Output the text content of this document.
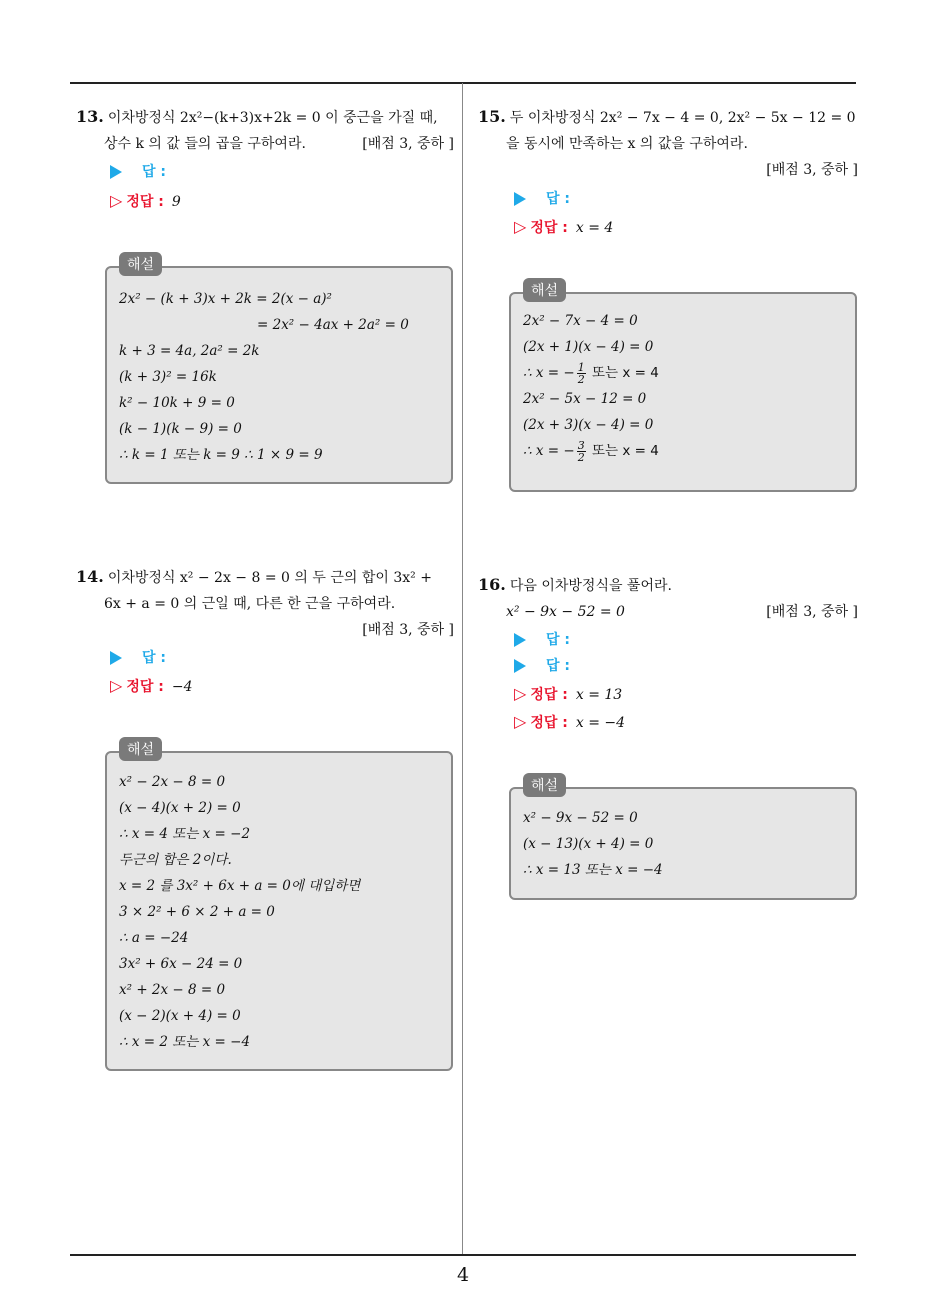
13. 이차방정식 2x²−(k+3)x+2k = 0 이 중근을 가질 때,
상수 k 의 값 들의 곱을 구하여라.	[배점 3, 중하 ]
답 :
▷ 정답 : 9
해설
2x² − (k + 3)x + 2k = 2(x − a)²
= 2x² − 4ax + 2a² = 0
k + 3 = 4a, 2a² = 2k
(k + 3)² = 16k
k² − 10k + 9 = 0
(k − 1)(k − 9) = 0
∴ k = 1 또는 k = 9 ∴ 1 × 9 = 9
14. 이차방정식 x² − 2x − 8 = 0 의 두 근의 합이 3x² +
6x + a = 0 의 근일 때, 다른 한 근을 구하여라.
[배점 3, 중하 ]
답 :
▷ 정답 : −4
해설
x² − 2x − 8 = 0
(x − 4)(x + 2) = 0
∴ x = 4 또는 x = −2
두근의 합은 2이다.
x = 2 를 3x² + 6x + a = 0에 대입하면
3 × 2² + 6 × 2 + a = 0
∴ a = −24
3x² + 6x − 24 = 0
x² + 2x − 8 = 0
(x − 2)(x + 4) = 0
∴ x = 2 또는 x = −4
15. 두 이차방정식 2x² − 7x − 4 = 0, 2x² − 5x − 12 = 0
을 동시에 만족하는 x 의 값을 구하여라.
[배점 3, 중하 ]
답 :
▷ 정답 : x = 4
해설
2x² − 7x − 4 = 0
(2x + 1)(x − 4) = 0
∴ x = − $\frac{1}{2}$ 또는 x = 4
2x² − 5x − 12 = 0
(2x + 3)(x − 4) = 0
∴ x = − $\frac{3}{2}$ 또는 x = 4
16. 다음 이차방정식을 풀어라.
x² − 9x − 52 = 0	[배점 3, 중하 ]
답 :
답 :
▷ 정답 : x = 13
▷ 정답 : x = −4
해설
x² − 9x − 52 = 0
(x − 13)(x + 4) = 0
∴ x = 13 또는 x = −4
4
